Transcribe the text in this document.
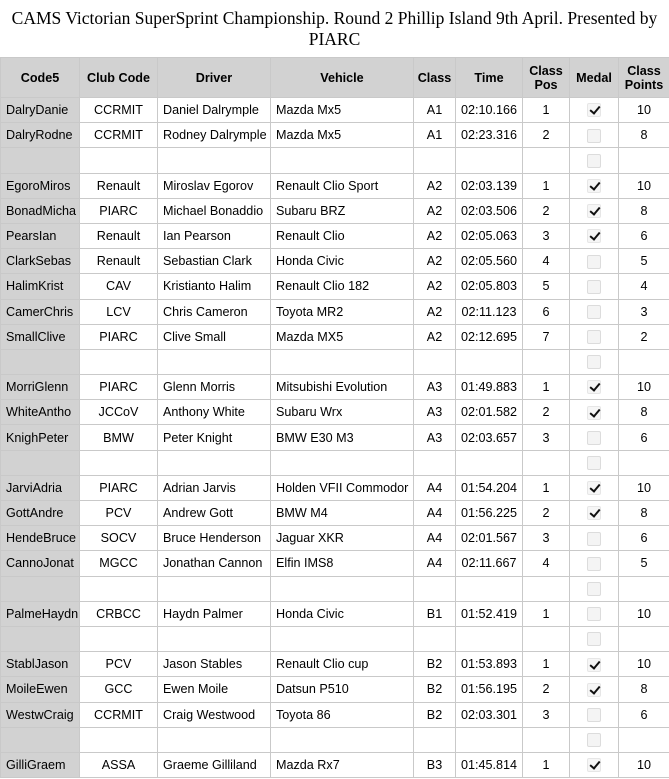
CAMS Victorian SuperSprint Championship. Round 2 Phillip Island 9th April. Presented by PIARC
Code5	Club Code	Driver	Vehicle	Class	Time	Class Pos	Medal	Class Points
DalryDanie	CCRMIT	Daniel Dalrymple	Mazda Mx5	A1	02:10.166	1		10
DalryRodne	CCRMIT	Rodney Dalrymple	Mazda Mx5	A1	02:23.316	2		8

EgoroMiros	Renault	Miroslav Egorov	Renault Clio Sport	A2	02:03.139	1		10
BonadMicha	PIARC	Michael Bonaddio	Subaru BRZ	A2	02:03.506	2		8
PearsIan	Renault	Ian Pearson	Renault Clio	A2	02:05.063	3		6
ClarkSebas	Renault	Sebastian Clark	Honda Civic	A2	02:05.560	4		5
HalimKrist	CAV	Kristianto Halim	Renault Clio 182	A2	02:05.803	5		4
CamerChris	LCV	Chris Cameron	Toyota MR2	A2	02:11.123	6		3
SmallClive	PIARC	Clive Small	Mazda MX5	A2	02:12.695	7		2

MorriGlenn	PIARC	Glenn Morris	Mitsubishi Evolution	A3	01:49.883	1		10
WhiteAntho	JCCoV	Anthony White	Subaru Wrx	A3	02:01.582	2		8
KnighPeter	BMW	Peter Knight	BMW E30 M3	A3	02:03.657	3		6

JarviAdria	PIARC	Adrian Jarvis	Holden VFII Commodor	A4	01:54.204	1		10
GottAndre	PCV	Andrew Gott	BMW M4	A4	01:56.225	2		8
HendeBruce	SOCV	Bruce Henderson	Jaguar XKR	A4	02:01.567	3		6
CannoJonat	MGCC	Jonathan Cannon	Elfin IMS8	A4	02:11.667	4		5

PalmeHaydn	CRBCC	Haydn Palmer	Honda Civic	B1	01:52.419	1		10

StablJason	PCV	Jason Stables	Renault Clio cup	B2	01:53.893	1		10
MoileEwen	GCC	Ewen Moile	Datsun P510	B2	01:56.195	2		8
WestwCraig	CCRMIT	Craig Westwood	Toyota 86	B2	02:03.301	3		6

GilliGraem	ASSA	Graeme Gilliland	Mazda Rx7	B3	01:45.814	1		10
